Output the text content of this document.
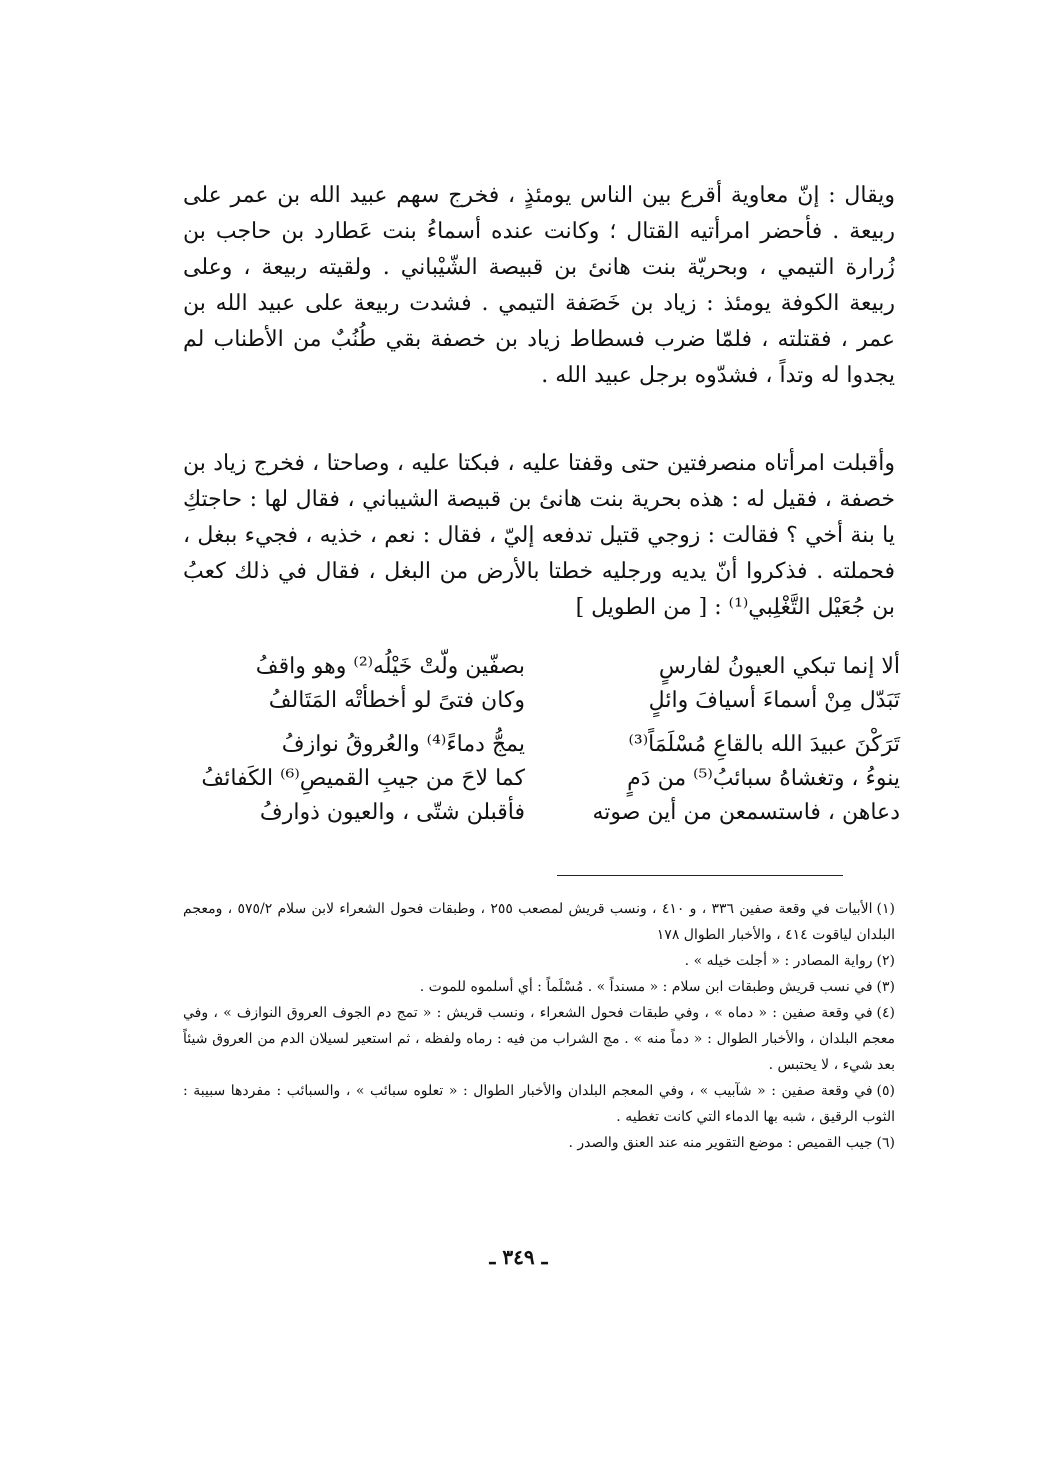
ويقال : إنّ معاوية أقرع بين الناس يومئذٍ ، فخرج سهم عبيد الله بن عمر على ربيعة . فأحضر امرأتيه القتال ؛ وكانت عنده أسماءُ بنت عَطارد بن حاجب بن زُرارة التيمي ، وبحريّة بنت هانئ بن قبيصة الشّيْباني . ولقيته ربيعة ، وعلى ربيعة الكوفة يومئذ : زياد بن خَصَفة التيمي . فشدت ربيعة على عبيد الله بن عمر ، فقتلته ، فلمّا ضرب فسطاط زياد بن خصفة بقي طُنُبٌ من الأطناب لم يجدوا له وتداً ، فشدّوه برجل عبيد الله .

وأقبلت امرأتاه منصرفتين حتى وقفتا عليه ، فبكتا عليه ، وصاحتا ، فخرج زياد بن خصفة ، فقيل له : هذه بحرية بنت هانئ بن قبيصة الشيباني ، فقال لها : حاجتكِ يا بنة أخي ؟ فقالت : زوجي قتيل تدفعه إليّ ، فقال : نعم ، خذيه ، فجيء ببغل ، فحملته . فذكروا أنّ يديه ورجليه خطتا بالأرض من البغل ، فقال في ذلك كعبُ بن جُعَيْل التَّغْلِبي⁽¹⁾ : [ من الطويل ]

ألا إنما تبكي العيونُ لفارسٍ
بصفّين ولّتْ خَيْلُه⁽²⁾ وهو واقفُ
تَبَدّل مِنْ أسماءَ أسيافَ وائلٍ
وكان فتىً لو أخطأتْه المَتَالفُ
تَرَكْنَ عبيدَ الله بالقاعِ مُسْلَمَاً⁽³⁾
يمجُّ دماءً⁽⁴⁾ والعُروقُ نوازفُ
ينوءُ ، وتغشاهُ سبائبُ⁽⁵⁾ من دَمٍ
كما لاحَ من جيبِ القميصِ⁽⁶⁾ الكَفائفُ
دعاهن ، فاستسمعن من أين صوته
فأقبلن شتّى ، والعيون ذوارفُ

(١)الأبيات في وقعة صفين ٣٣٦ ، و ٤١٠ ، ونسب قريش لمصعب ٢٥٥ ، وطبقات فحول الشعراء لابن سلام ٥٧٥/٢ ، ومعجم البلدان لياقوت ٤١٤ ، والأخبار الطوال ١٧٨

(٢)رواية المصادر : « أجلت خيله » .

(٣)في نسب قريش وطبقات ابن سلام : « مسنداً » . مُسْلَماً : أي أسلموه للموت .

(٤)في وقعة صفين : « دماه » ، وفي طبقات فحول الشعراء ، ونسب قريش : « تمج دم الجوف العروق النوازف » ، وفي معجم البلدان ، والأخبار الطوال : « دماً منه » . مج الشراب من فيه : رماه ولفظه ، ثم استعير لسيلان الدم من العروق شيئاً بعد شيء ، لا يحتبس .

(٥)في وقعة صفين : « شآبيب » ، وفي المعجم البلدان والأخبار الطوال : « تعلوه سبائب » ، والسبائب : مفردها سبيبة : الثوب الرقيق ، شبه بها الدماء التي كانت تغطيه .

(٦)جيب القميص : موضع التقوير منه عند العنق والصدر .

ـ ٣٤٩ ـ
